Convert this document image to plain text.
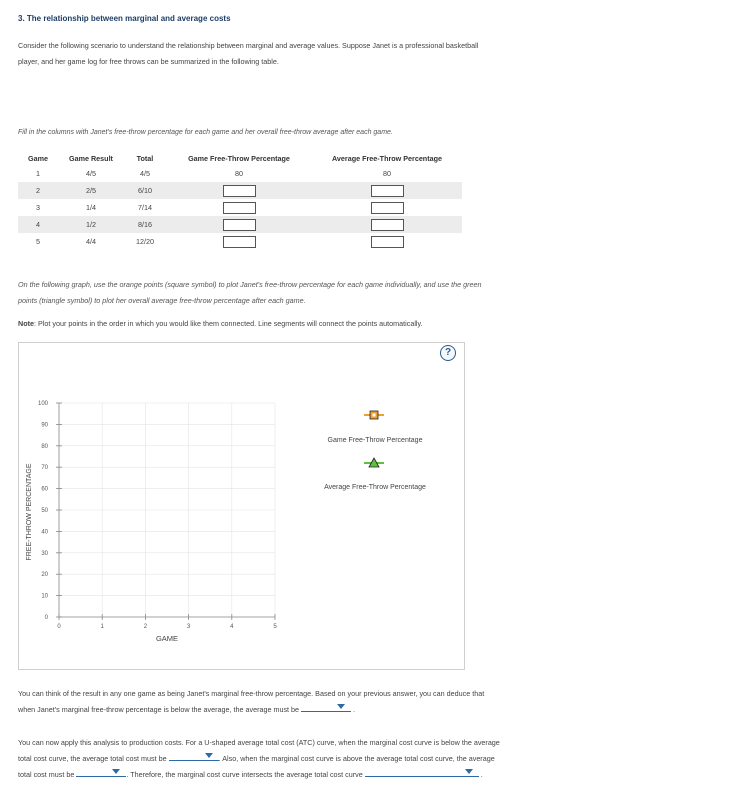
3. The relationship between marginal and average costs
Consider the following scenario to understand the relationship between marginal and average values. Suppose Janet is a professional basketball
player, and her game log for free throws can be summarized in the following table.
Fill in the columns with Janet's free-throw percentage for each game and her overall free-throw average after each game.
Game	Game Result	Total	Game Free-Throw Percentage	Average Free-Throw Percentage
1	4/5	4/5	80	80
2	2/5	6/10		
3	1/4	7/14		
4	1/2	8/16		
5	4/4	12/20		
On the following graph, use the orange points (square symbol) to plot Janet's free-throw percentage for each game individually, and use the green
points (triangle symbol) to plot her overall average free-throw percentage after each game.
Note: Plot your points in the order in which you would like them connected. Line segments will connect the points automatically.
?
0
10
20
30
40
50
60
70
80
90
100
0	1	2	3	4	5
GAME
FREE-THROW PERCENTAGE
Game Free-Throw Percentage
Average Free-Throw Percentage
You can think of the result in any one game as being Janet's marginal free-throw percentage. Based on your previous answer, you can deduce that
when Janet's marginal free-throw percentage is below the average, the average must be	.
You can now apply this analysis to production costs. For a U-shaped average total cost (ATC) curve, when the marginal cost curve is below the average
total cost curve, the average total cost must be	. Also, when the marginal cost curve is above the average total cost curve, the average
total cost must be	. Therefore, the marginal cost curve intersects the average total cost curve	.
